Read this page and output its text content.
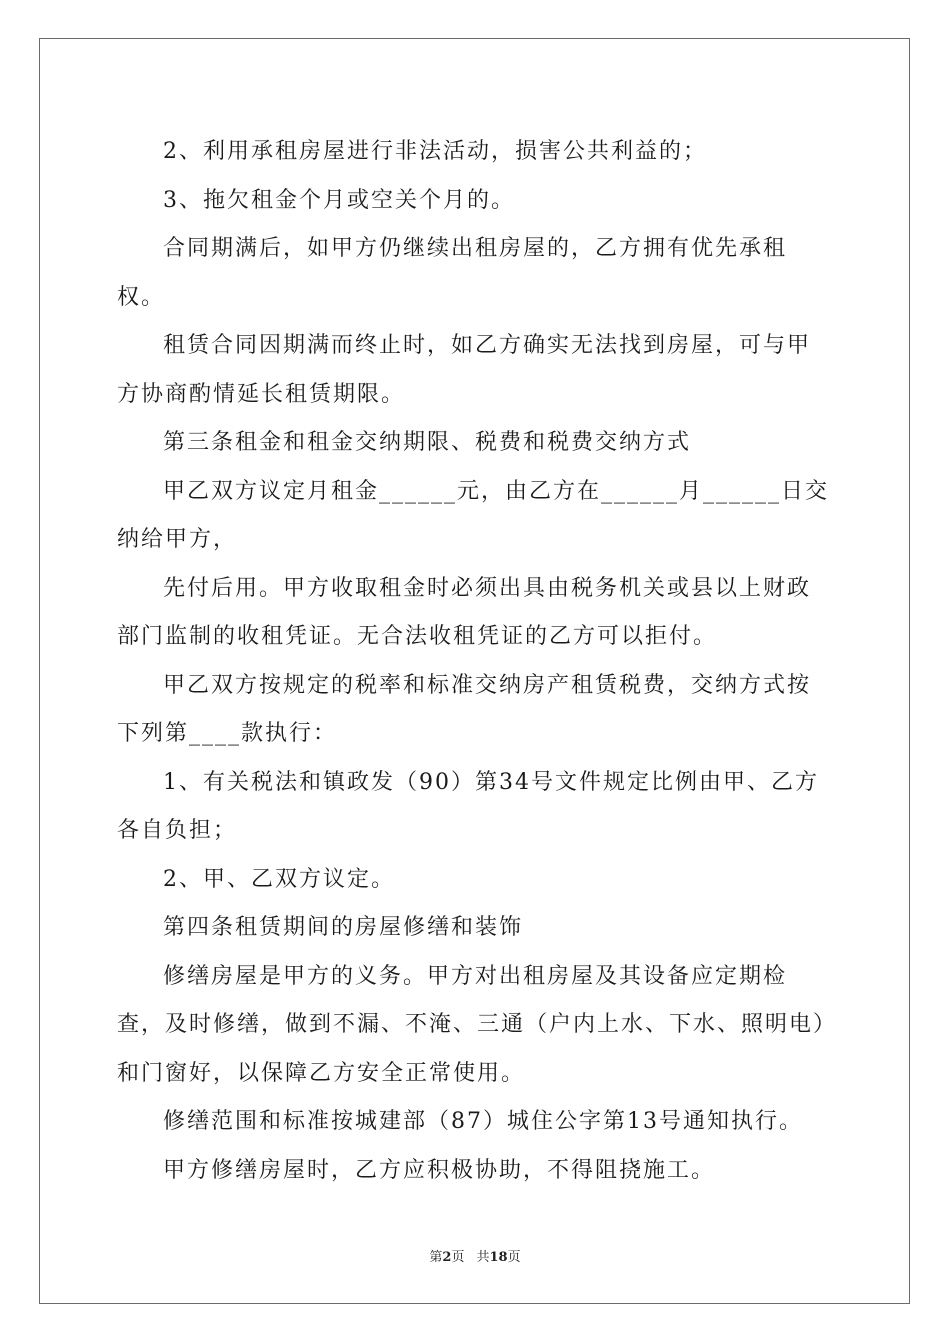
2、利用承租房屋进行非法活动，损害公共利益的；

3、拖欠租金个月或空关个月的。

合同期满后，如甲方仍继续出租房屋的，乙方拥有优先承租权。

租赁合同因期满而终止时，如乙方确实无法找到房屋，可与甲方协商酌情延长租赁期限。

第三条租金和租金交纳期限、税费和税费交纳方式

甲乙双方议定月租金______元，由乙方在______月______日交纳给甲方，

先付后用。甲方收取租金时必须出具由税务机关或县以上财政部门监制的收租凭证。无合法收租凭证的乙方可以拒付。

甲乙双方按规定的税率和标准交纳房产租赁税费，交纳方式按下列第____款执行：

1、有关税法和镇政发（90）第34号文件规定比例由甲、乙方各自负担；

2、甲、乙双方议定。

第四条租赁期间的房屋修缮和装饰

修缮房屋是甲方的义务。甲方对出租房屋及其设备应定期检查，及时修缮，做到不漏、不淹、三通（户内上水、下水、照明电）和门窗好，以保障乙方安全正常使用。

修缮范围和标准按城建部（87）城住公字第13号通知执行。

甲方修缮房屋时，乙方应积极协助，不得阻挠施工。

第2页 共18页
